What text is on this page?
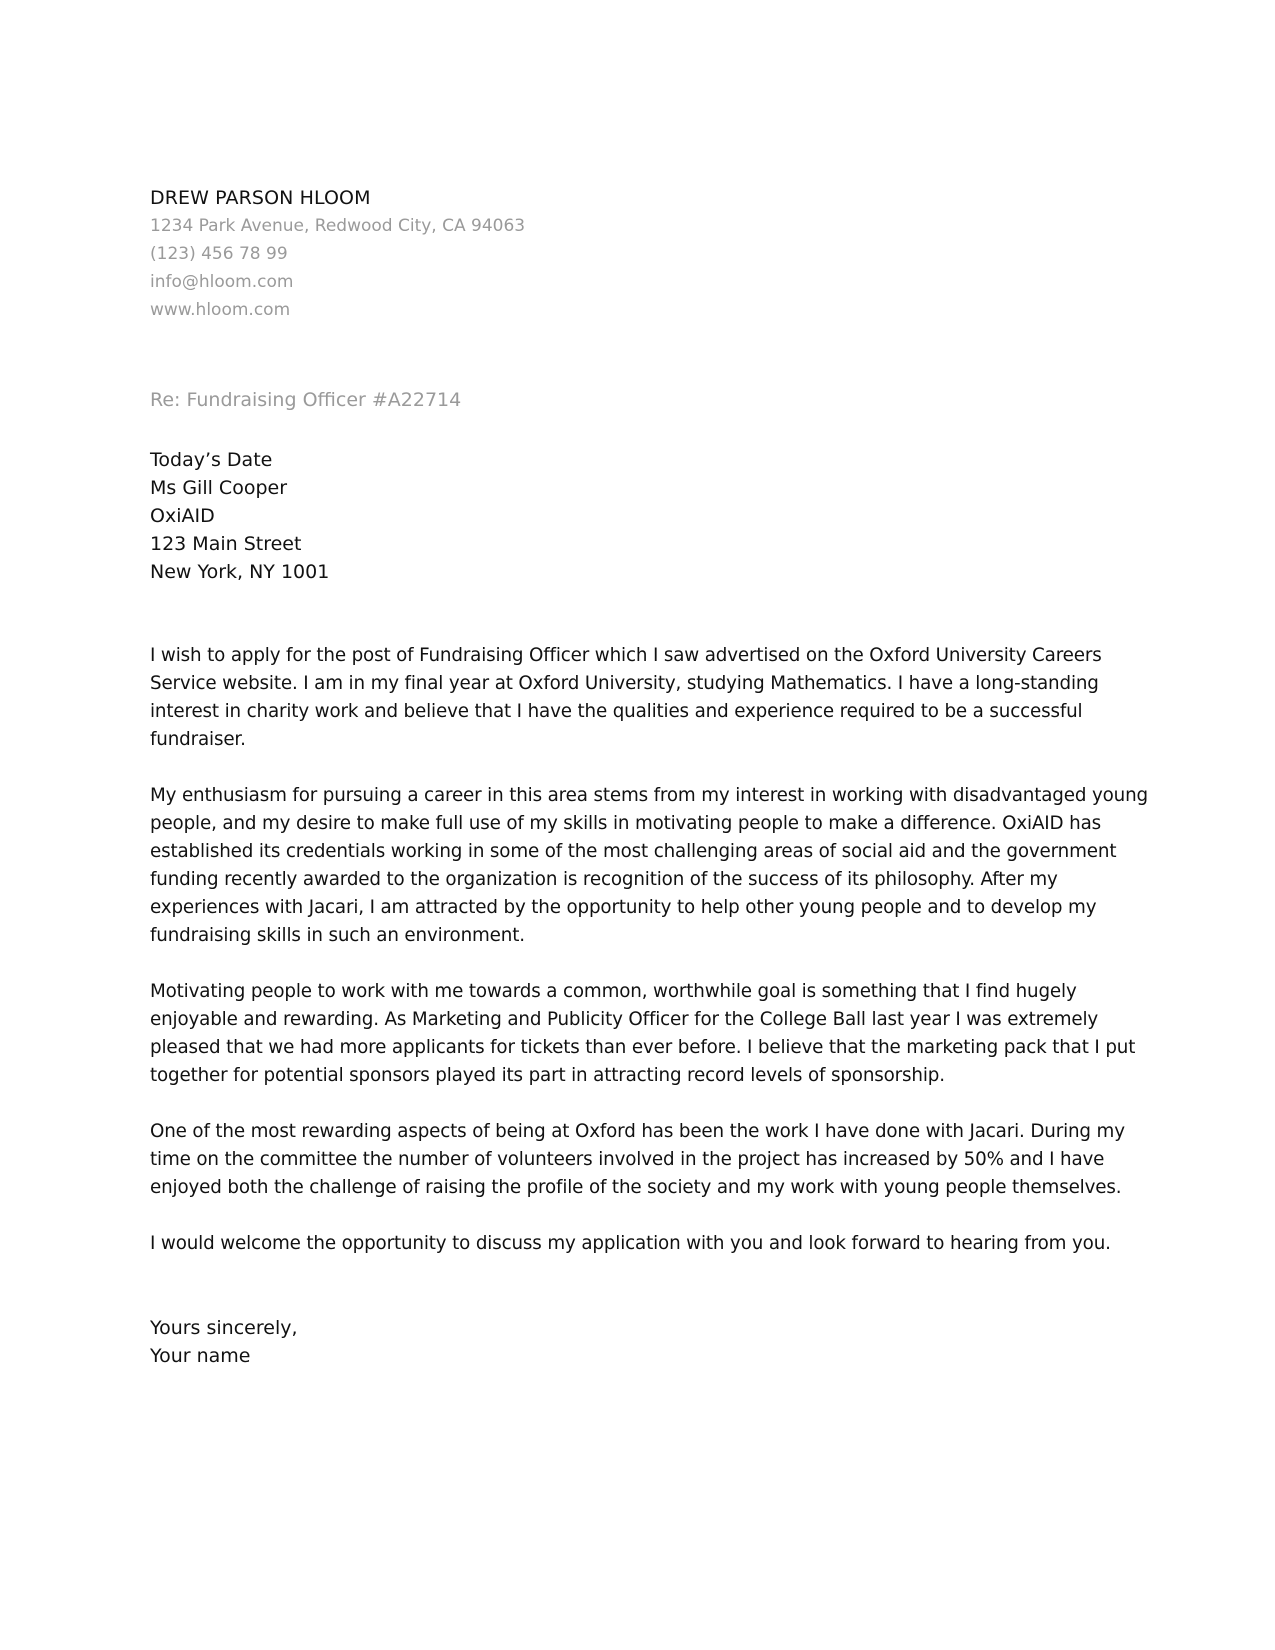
DREW PARSON HLOOM

1234 Park Avenue, Redwood City, CA 94063

(123) 456 78 99

info@hloom.com

www.hloom.com

Re: Fundraising Officer #A22714

Today’s Date

Ms Gill Cooper

OxiAID

123 Main Street

New York, NY 1001

I wish to apply for the post of Fundraising Officer which I saw advertised on the Oxford University Careers Service website. I am in my final year at Oxford University, studying Mathematics. I have a long-standing interest in charity work and believe that I have the qualities and experience required to be a successful fundraiser.

My enthusiasm for pursuing a career in this area stems from my interest in working with disadvantaged young people, and my desire to make full use of my skills in motivating people to make a difference. OxiAID has established its credentials working in some of the most challenging areas of social aid and the government funding recently awarded to the organization is recognition of the success of its philosophy. After my experiences with Jacari, I am attracted by the opportunity to help other young people and to develop my fundraising skills in such an environment.

Motivating people to work with me towards a common, worthwhile goal is something that I find hugely enjoyable and rewarding. As Marketing and Publicity Officer for the College Ball last year I was extremely pleased that we had more applicants for tickets than ever before. I believe that the marketing pack that I put together for potential sponsors played its part in attracting record levels of sponsorship.

One of the most rewarding aspects of being at Oxford has been the work I have done with Jacari. During my time on the committee the number of volunteers involved in the project has increased by 50% and I have enjoyed both the challenge of raising the profile of the society and my work with young people themselves.

I would welcome the opportunity to discuss my application with you and look forward to hearing from you.

Yours sincerely,

Your name
